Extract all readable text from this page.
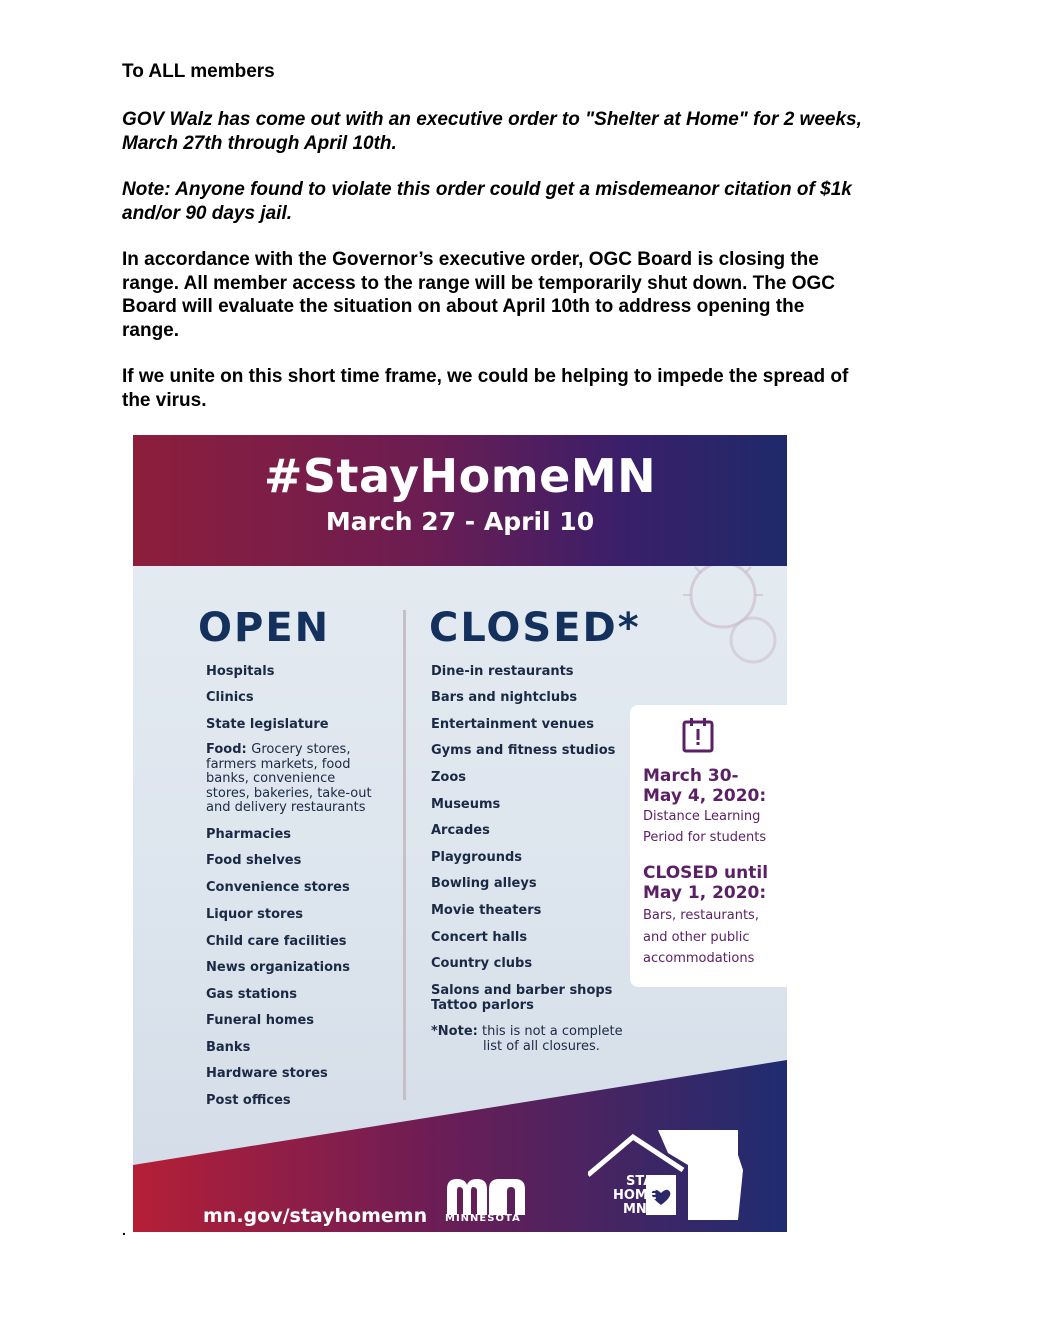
To ALL members

GOV Walz has come out with an executive order to "Shelter at Home" for 2 weeks,

March 27th through April 10th.

Note: Anyone found to violate this order could get a misdemeanor citation of $1k

and/or 90 days jail.

In accordance with the Governor’s executive order, OGC Board is closing the

range. All member access to the range will be temporarily shut down. The OGC

Board will evaluate the situation on about April 10th to address opening the

range.

If we unite on this short time frame, we could be helping to impede the spread of

the virus.

#StayHomeMN
March 27 - April 10
OPEN CLOSED*
Hospitals
Clinics
State legislature
Food: Grocery stores, farmers markets, food banks, convenience stores, bakeries, take-out and delivery restaurants
Pharmacies
Food shelves
Convenience stores
Liquor stores
Child care facilities
News organizations
Gas stations
Funeral homes
Banks
Hardware stores
Post offices
Dine-in restaurants
Bars and nightclubs
Entertainment venues
Gyms and fitness studios
Zoos
Museums
Arcades
Playgrounds
Bowling alleys
Movie theaters
Concert halls
Country clubs
Salons and barber shops
Tattoo parlors
*Note: this is not a complete
list of all closures.
March 30-
May 4, 2020:
Distance Learning
Period for students
CLOSED until
May 1, 2020:
Bars, restaurants,
and other public
accommodations
mn.gov/stayhomemn MINNESOTA
STAY
HOME
MN
.
